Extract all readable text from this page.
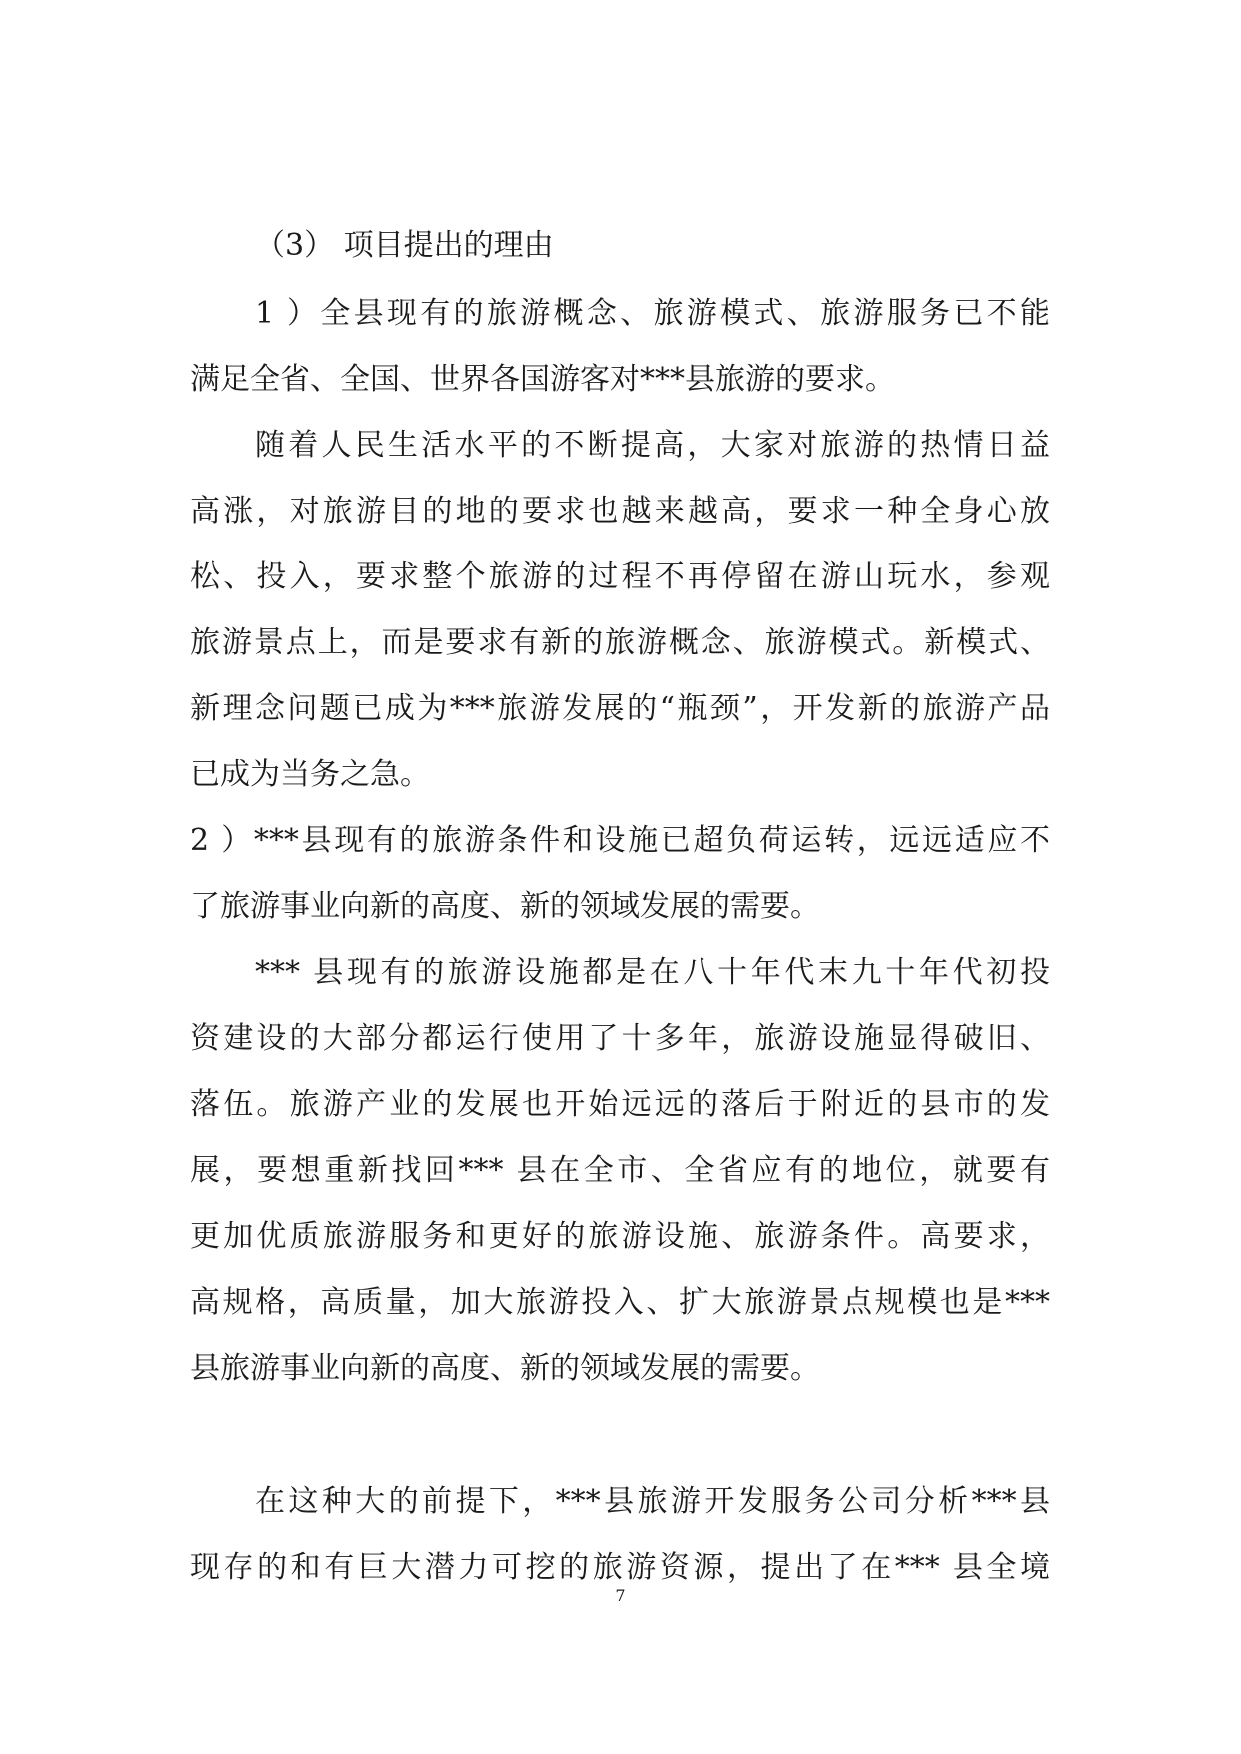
（3） 项目提出的理由
1 ）全县现有的旅游概念、旅游模式、旅游服务已不能
满足全省、全国、世界各国游客对***县旅游的要求。
随着人民生活水平的不断提高，大家对旅游的热情日益
高涨，对旅游目的地的要求也越来越高，要求一种全身心放
松、投入，要求整个旅游的过程不再停留在游山玩水，参观
旅游景点上，而是要求有新的旅游概念、旅游模式。新模式、
新理念问题已成为***旅游发展的“瓶颈”，开发新的旅游产品
已成为当务之急。
2 ）***县现有的旅游条件和设施已超负荷运转，远远适应不
了旅游事业向新的高度、新的领域发展的需要。
*** 县现有的旅游设施都是在八十年代末九十年代初投
资建设的大部分都运行使用了十多年，旅游设施显得破旧、
落伍。旅游产业的发展也开始远远的落后于附近的县市的发
展，要想重新找回*** 县在全市、全省应有的地位，就要有
更加优质旅游服务和更好的旅游设施、旅游条件。高要求，
高规格，高质量，加大旅游投入、扩大旅游景点规模也是***
县旅游事业向新的高度、新的领域发展的需要。
在这种大的前提下，***县旅游开发服务公司分析***县
现存的和有巨大潜力可挖的旅游资源，提出了在*** 县全境
7
